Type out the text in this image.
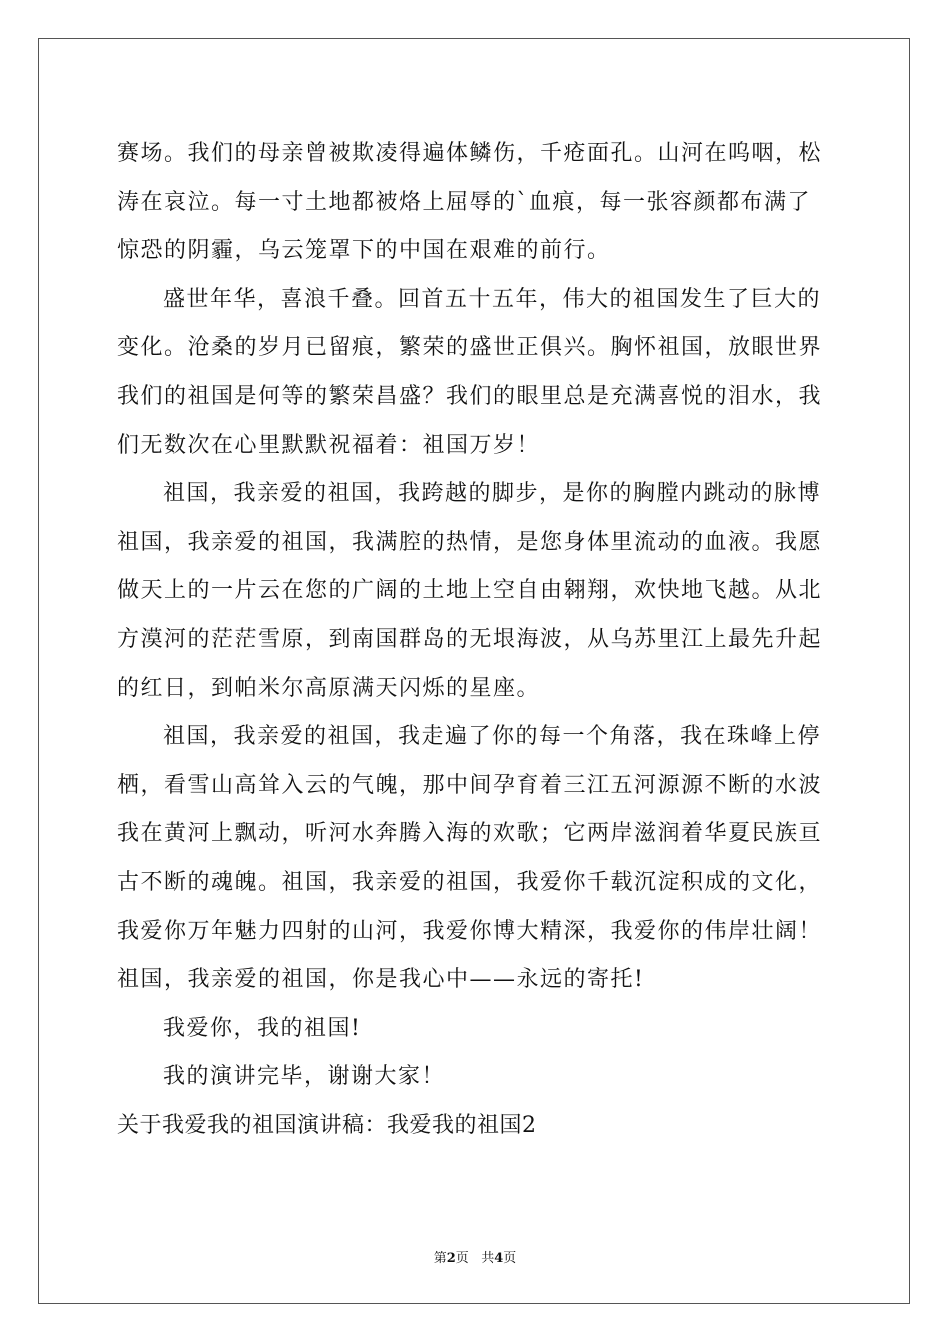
赛场。我们的母亲曾被欺凌得遍体鳞伤，千疮面孔。山河在呜咽，松
涛在哀泣。每一寸土地都被烙上屈辱的`血痕，每一张容颜都布满了
惊恐的阴霾，乌云笼罩下的中国在艰难的前行。
盛世年华，喜浪千叠。回首五十五年，伟大的祖国发生了巨大的
变化。沧桑的岁月已留痕，繁荣的盛世正俱兴。胸怀祖国，放眼世界
我们的祖国是何等的繁荣昌盛？我们的眼里总是充满喜悦的泪水，我
们无数次在心里默默祝福着：祖国万岁！
祖国，我亲爱的祖国，我跨越的脚步，是你的胸膛内跳动的脉博
祖国，我亲爱的祖国，我满腔的热情，是您身体里流动的血液。我愿
做天上的一片云在您的广阔的土地上空自由翱翔，欢快地飞越。从北
方漠河的茫茫雪原，到南国群岛的无垠海波，从乌苏里江上最先升起
的红日，到帕米尔高原满天闪烁的星座。
祖国，我亲爱的祖国，我走遍了你的每一个角落，我在珠峰上停
栖，看雪山高耸入云的气魄，那中间孕育着三江五河源源不断的水波
我在黄河上飘动，听河水奔腾入海的欢歌；它两岸滋润着华夏民族亘
古不断的魂魄。祖国，我亲爱的祖国，我爱你千载沉淀积成的文化，
我爱你万年魅力四射的山河，我爱你博大精深，我爱你的伟岸壮阔！
祖国，我亲爱的祖国，你是我心中——永远的寄托!
我爱你，我的祖国!
我的演讲完毕，谢谢大家！
关于我爱我的祖国演讲稿：我爱我的祖国2
第2页   共4页
